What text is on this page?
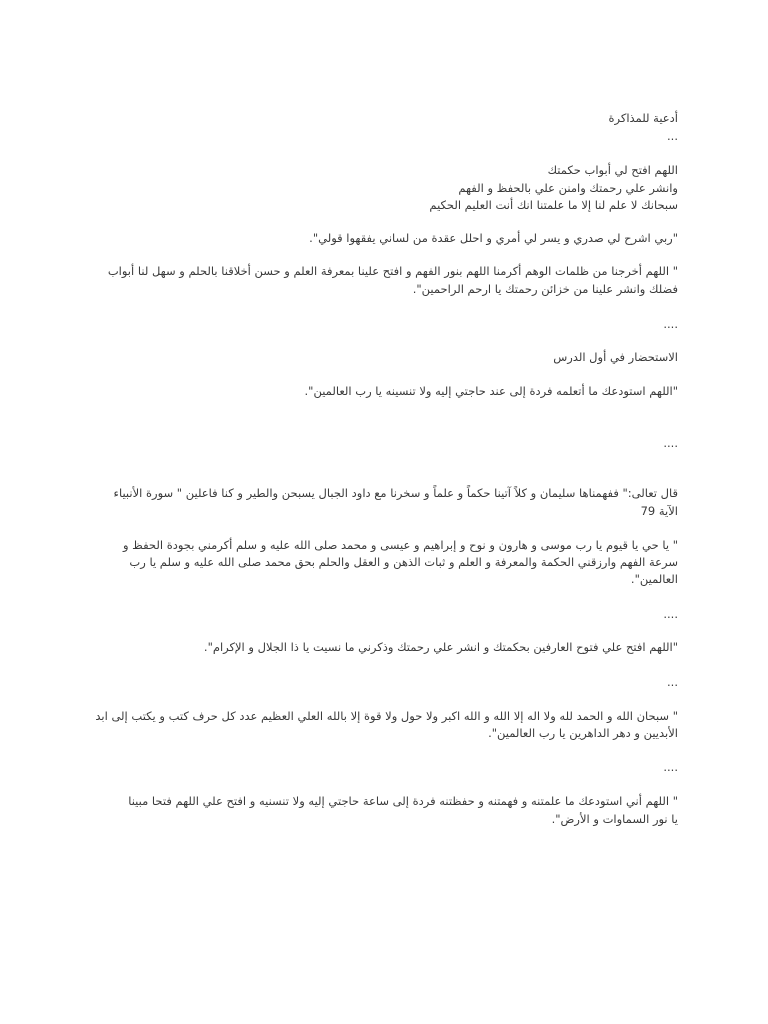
أدعية للمذاكرة
...
اللهم افتح لي أبواب حكمتك
وانشر علي رحمتك وامنن علي بالحفظ و الفهم
سبحانك لا علم لنا إلا ما علمتنا انك أنت العليم الحكيم
"ربي اشرح لي صدري و يسر لي أمري و احلل عقدة من لساني يفقهوا قولي".
" اللهم أخرجنا من ظلمات الوهم أكرمنا اللهم بنور الفهم و افتح علينا بمعرفة العلم و حسن أخلاقنا بالحلم و سهل لنا أبواب
فضلك وانشر علينا من خزائن رحمتك يا ارحم الراحمين".
....
الاستحضار في أول الدرس
"اللهم استودعك ما أتعلمه فردة إلى عند حاجتي إليه ولا تنسينه يا رب العالمين".
....
قال تعالى:" ففهمناها سليمان و كلاً آتينا حكماً و علماً و سخرنا مع داود الجبال يسبحن والطير و كنا فاعلين " سورة الأنبياء
الآية 79
" يا حي يا قيوم يا رب موسى و هارون و نوح و إبراهيم و عيسى و محمد صلى الله عليه و سلم أكرمني بجودة الحفظ و
سرعة الفهم وارزقني الحكمة والمعرفة و العلم و ثبات الذهن و العقل والحلم بحق محمد صلى الله عليه و سلم يا رب
العالمين".
....
"اللهم افتح علي فتوح العارفين بحكمتك و انشر علي رحمتك وذكرني ما نسيت يا ذا الجلال و الإكرام".
...
" سبحان الله و الحمد لله ولا اله إلا الله و الله اكبر ولا حول ولا قوة إلا بالله العلي العظيم عدد كل حرف كتب و يكتب إلى ابد
الأبديين و دهر الداهرين يا رب العالمين".
....
" اللهم أني استودعك ما علمتنه و فهمتنه و حفظتنه فردة إلى ساعة حاجتي إليه ولا تنسنيه و افتح علي اللهم فتحا مبينا
يا نور السماوات و الأرض".
